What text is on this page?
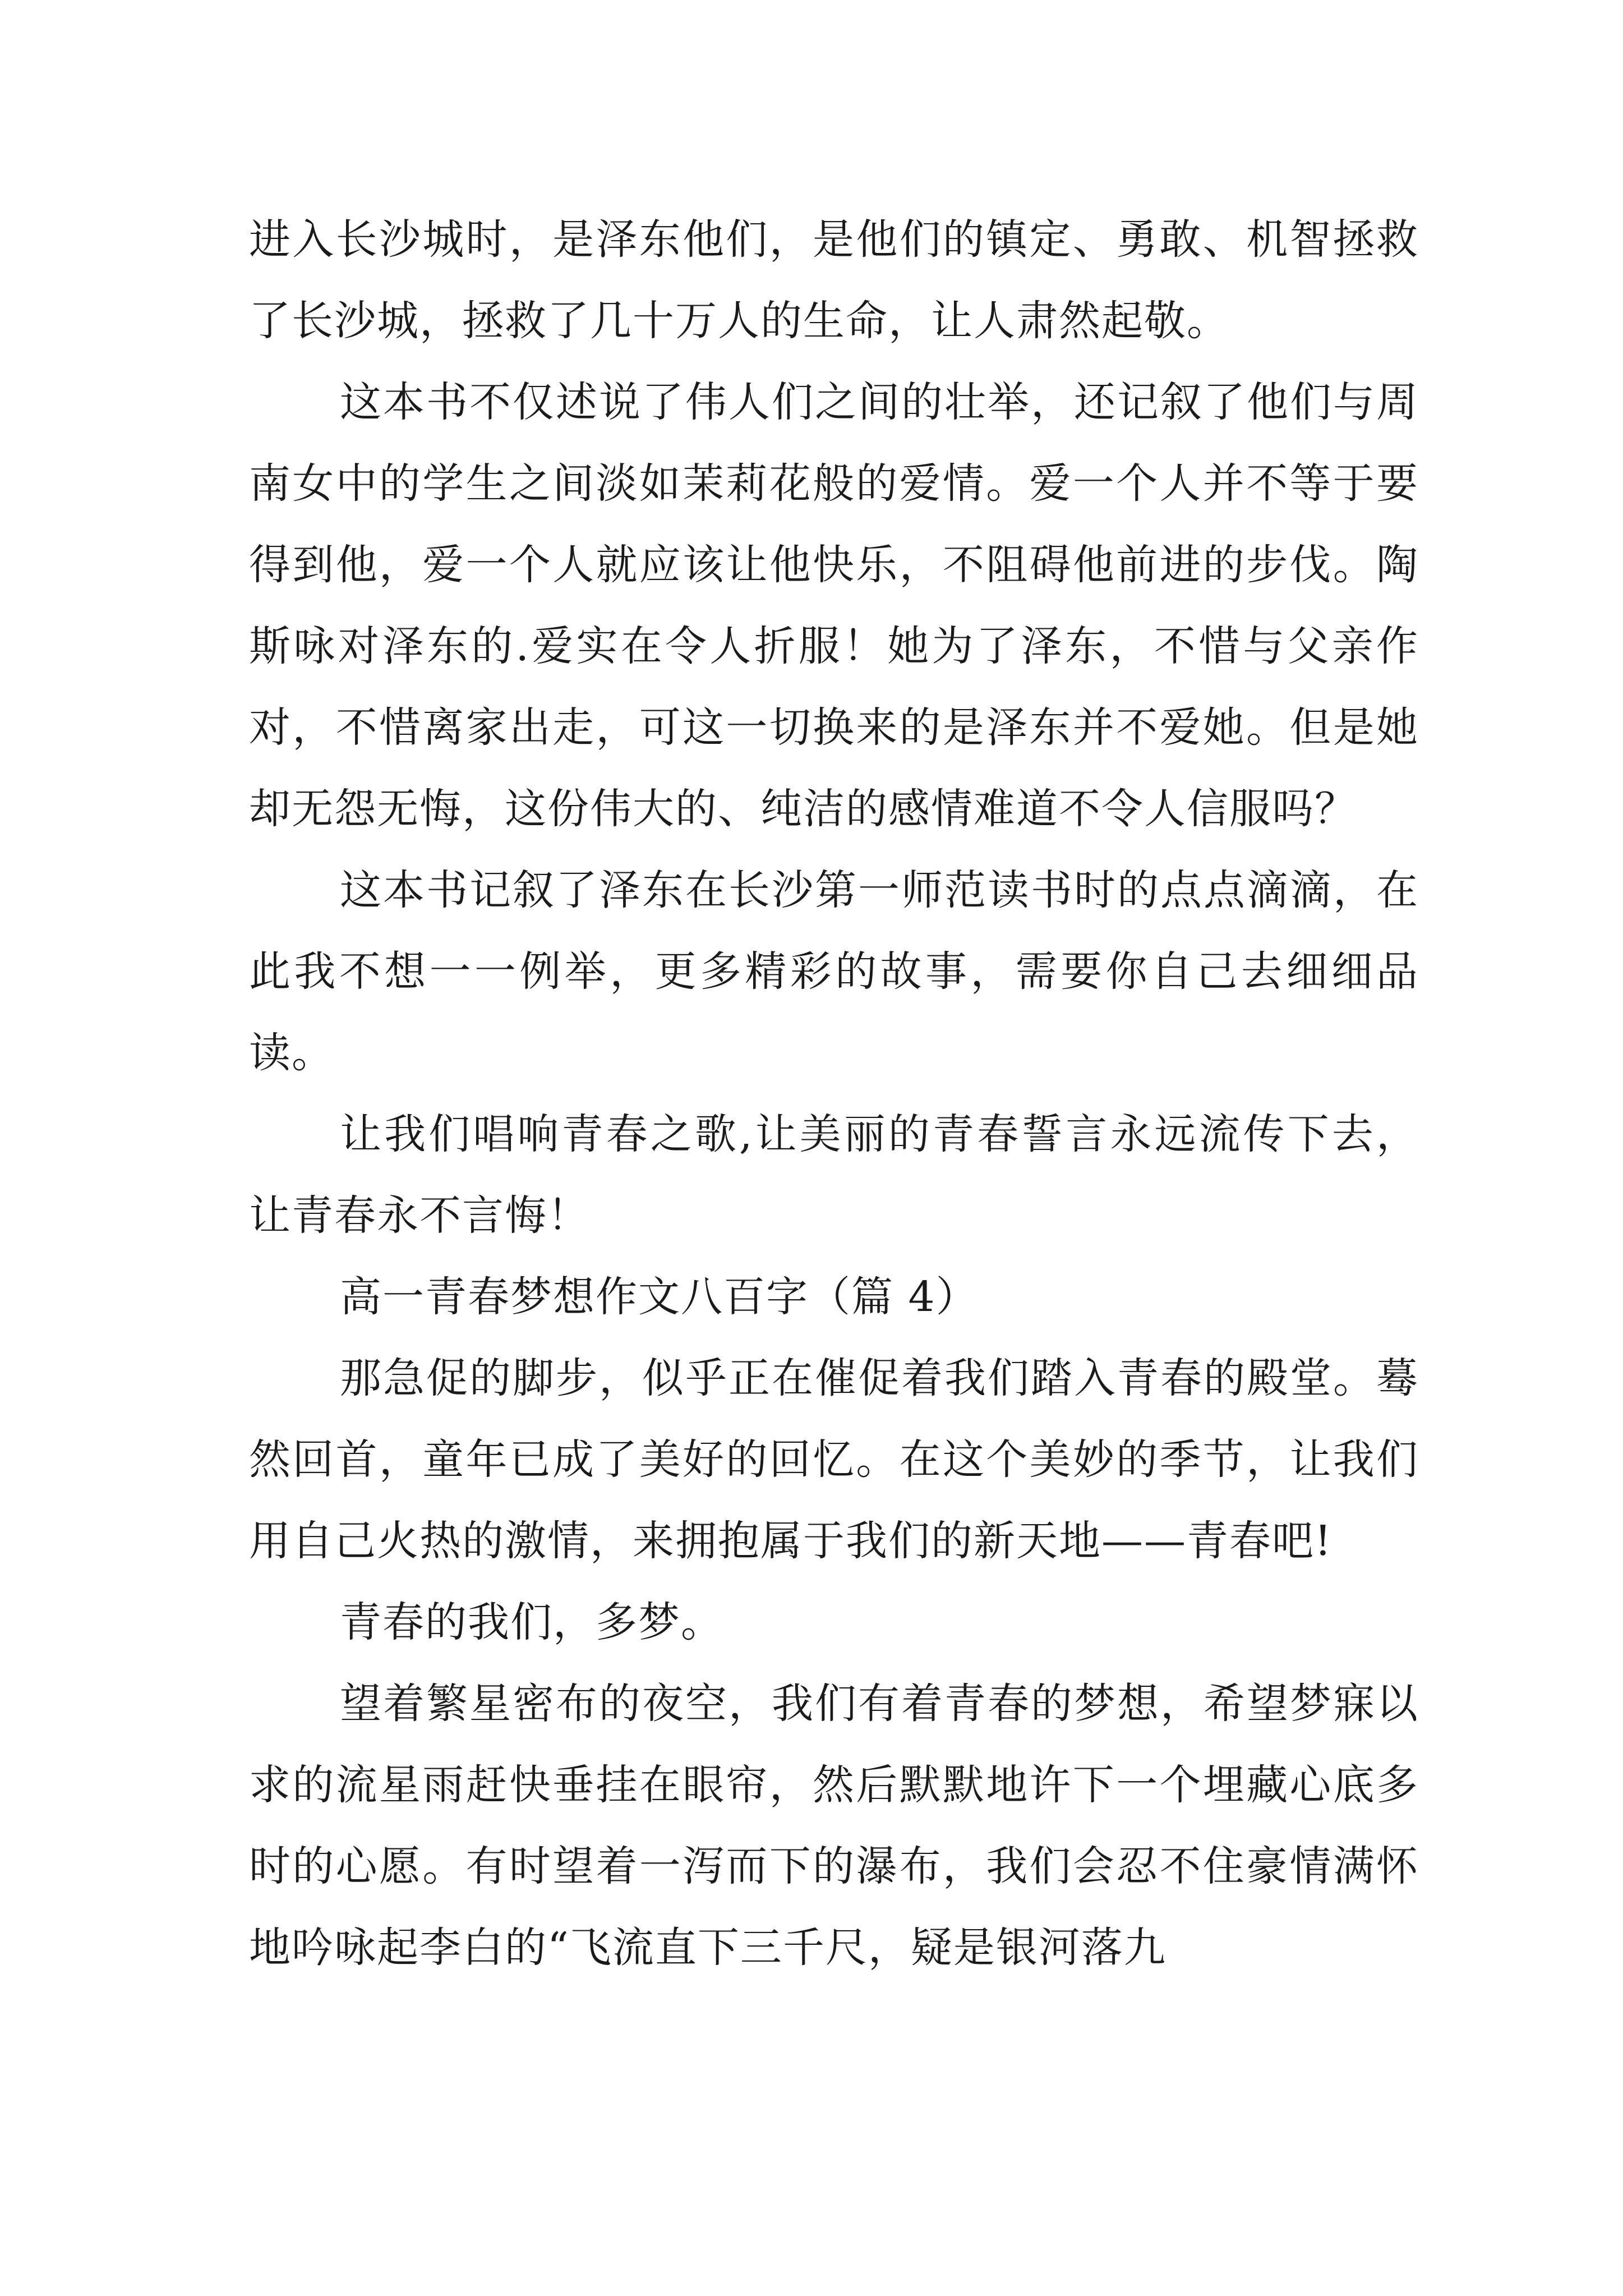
进入长沙城时，是泽东他们，是他们的镇定、勇敢、机智拯救了长沙城，拯救了几十万人的生命，让人肃然起敬。

这本书不仅述说了伟人们之间的壮举，还记叙了他们与周南女中的学生之间淡如茉莉花般的爱情。爱一个人并不等于要得到他，爱一个人就应该让他快乐，不阻碍他前进的步伐。陶斯咏对泽东的.爱实在令人折服！她为了泽东，不惜与父亲作对，不惜离家出走，可这一切换来的是泽东并不爱她。但是她却无怨无悔，这份伟大的、纯洁的感情难道不令人信服吗？

这本书记叙了泽东在长沙第一师范读书时的点点滴滴，在此我不想一一例举，更多精彩的故事，需要你自己去细细品读。

让我们唱响青春之歌,让美丽的青春誓言永远流传下去，让青春永不言悔！

高一青春梦想作文八百字（篇 4）

那急促的脚步，似乎正在催促着我们踏入青春的殿堂。蓦然回首，童年已成了美好的回忆。在这个美妙的季节，让我们用自己火热的激情，来拥抱属于我们的新天地——青春吧!

青春的我们，多梦。

望着繁星密布的夜空，我们有着青春的梦想，希望梦寐以求的流星雨赶快垂挂在眼帘，然后默默地许下一个埋藏心底多时的心愿。有时望着一泻而下的瀑布，我们会忍不住豪情满怀地吟咏起李白的“飞流直下三千尺，疑是银河落九
